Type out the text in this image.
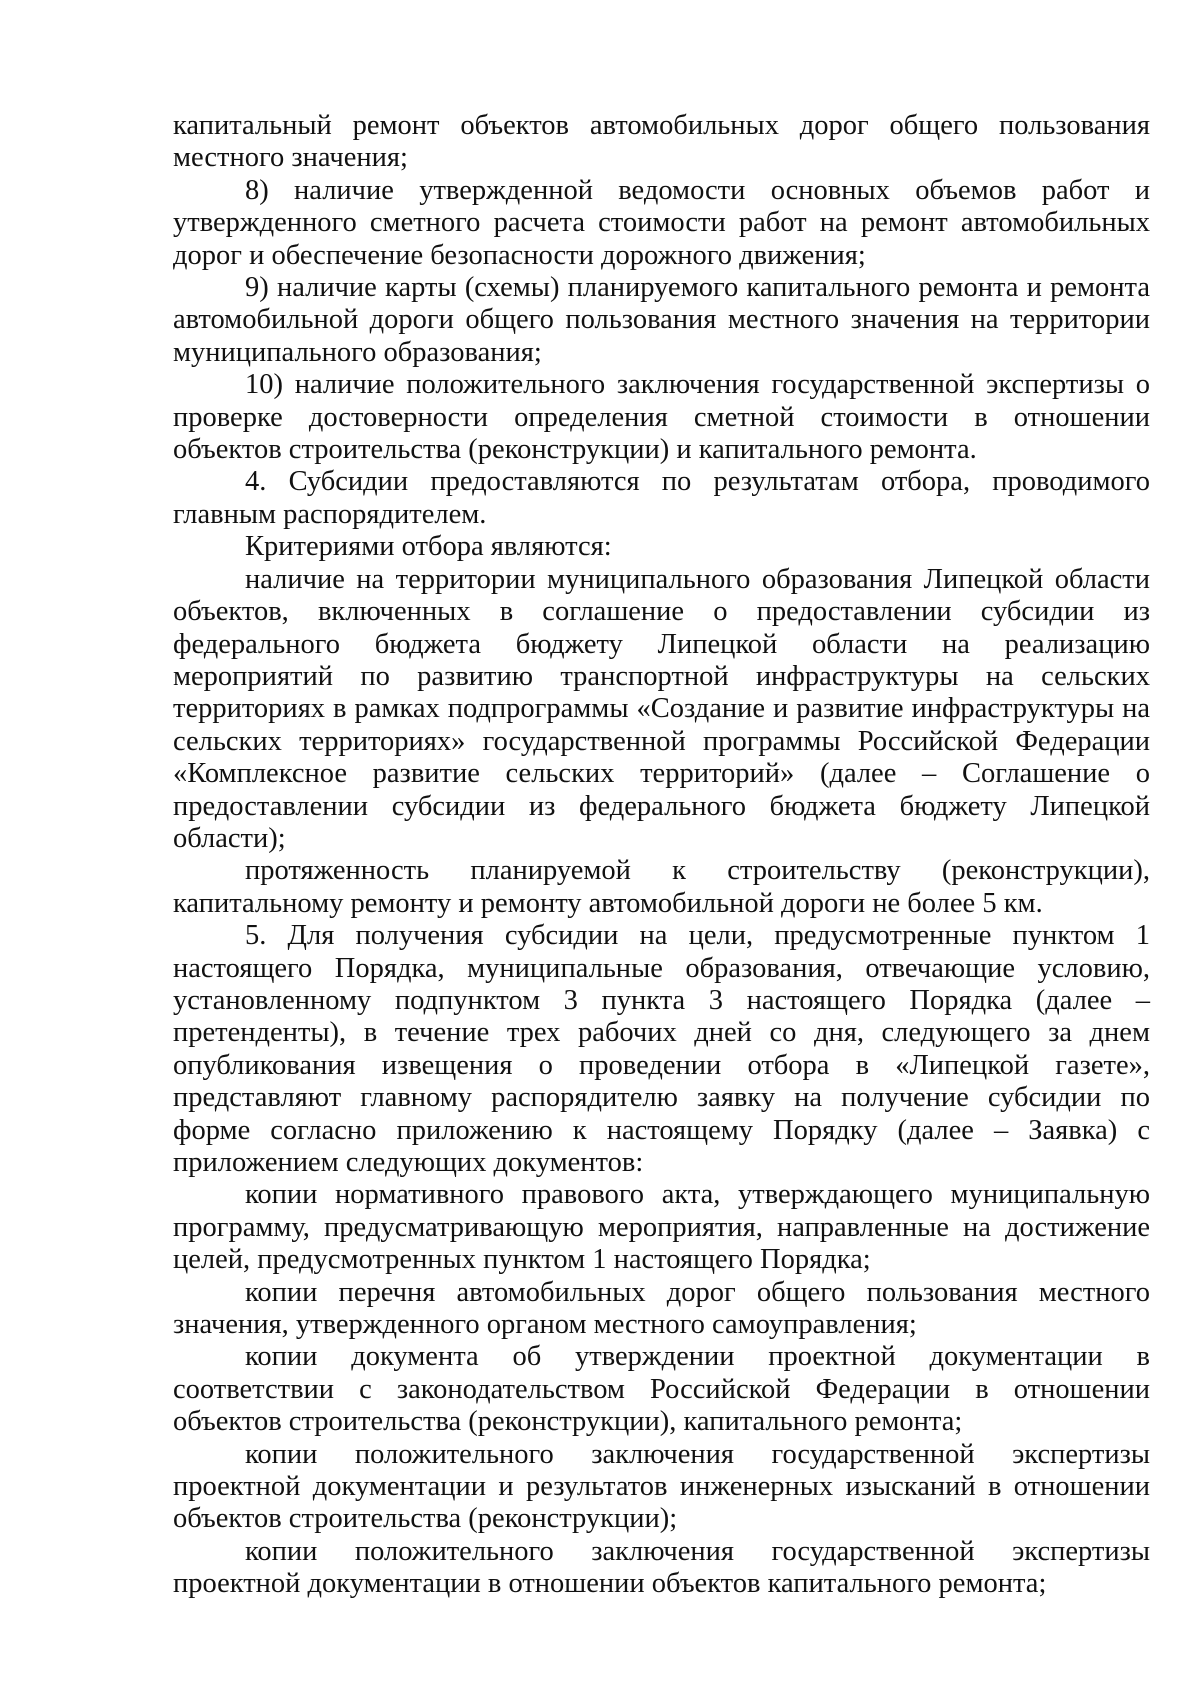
капитальный ремонт объектов автомобильных дорог общего пользования местного значения;

8) наличие утвержденной ведомости основных объемов работ и утвержденного сметного расчета стоимости работ на ремонт автомобильных дорог и обеспечение безопасности дорожного движения;

9) наличие карты (схемы) планируемого капитального ремонта и ремонта автомобильной дороги общего пользования местного значения на территории муниципального образования;

10) наличие положительного заключения государственной экспертизы о проверке достоверности определения сметной стоимости в отношении объектов строительства (реконструкции) и капитального ремонта.

4. Субсидии предоставляются по результатам отбора, проводимого главным распорядителем.

Критериями отбора являются:

наличие на территории муниципального образования Липецкой области объектов, включенных в соглашение о предоставлении субсидии из федерального бюджета бюджету Липецкой области на реализацию мероприятий по развитию транспортной инфраструктуры на сельских территориях в рамках подпрограммы «Создание и развитие инфраструктуры на сельских территориях» государственной программы Российской Федерации «Комплексное развитие сельских территорий» (далее – Соглашение о предоставлении субсидии из федерального бюджета бюджету Липецкой области);

протяженность планируемой к строительству (реконструкции), капитальному ремонту и ремонту автомобильной дороги не более 5 км.

5. Для получения субсидии на цели, предусмотренные пунктом 1 настоящего Порядка, муниципальные образования, отвечающие условию, установленному подпунктом 3 пункта 3 настоящего Порядка (далее – претенденты), в течение трех рабочих дней со дня, следующего за днем опубликования извещения о проведении отбора в «Липецкой газете», представляют главному распорядителю заявку на получение субсидии по форме согласно приложению к настоящему Порядку (далее – Заявка) с приложением следующих документов:

копии нормативного правового акта, утверждающего муниципальную программу, предусматривающую мероприятия, направленные на достижение целей, предусмотренных пунктом 1 настоящего Порядка;

копии перечня автомобильных дорог общего пользования местного значения, утвержденного органом местного самоуправления;

копии документа об утверждении проектной документации в соответствии с законодательством Российской Федерации в отношении объектов строительства (реконструкции), капитального ремонта;

копии положительного заключения государственной экспертизы проектной документации и результатов инженерных изысканий в отношении объектов строительства (реконструкции);

копии положительного заключения государственной экспертизы проектной документации в отношении объектов капитального ремонта;
